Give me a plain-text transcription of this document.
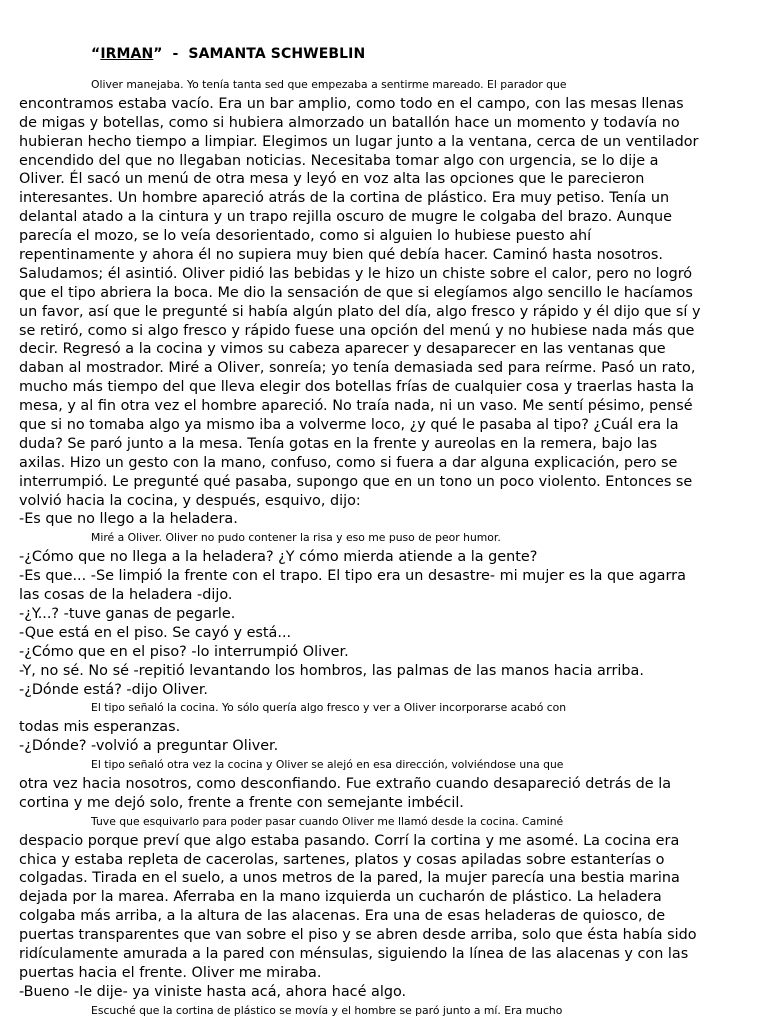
“IRMAN”  -  SAMANTA SCHWEBLIN
Oliver manejaba. Yo tenía tanta sed que empezaba a sentirme mareado. El parador que
encontramos estaba vacío. Era un bar amplio, como todo en el campo, con las mesas llenas
de migas y botellas, como si hubiera almorzado un batallón hace un momento y todavía no
hubieran hecho tiempo a limpiar. Elegimos un lugar junto a la ventana, cerca de un ventilador
encendido del que no llegaban noticias. Necesitaba tomar algo con urgencia, se lo dije a
Oliver. Él sacó un menú de otra mesa y leyó en voz alta las opciones que le parecieron
interesantes. Un hombre apareció atrás de la cortina de plástico. Era muy petiso. Tenía un
delantal atado a la cintura y un trapo rejilla oscuro de mugre le colgaba del brazo. Aunque
parecía el mozo, se lo veía desorientado, como si alguien lo hubiese puesto ahí
repentinamente y ahora él no supiera muy bien qué debía hacer. Caminó hasta nosotros.
Saludamos; él asintió. Oliver pidió las bebidas y le hizo un chiste sobre el calor, pero no logró
que el tipo abriera la boca. Me dio la sensación de que si elegíamos algo sencillo le hacíamos
un favor, así que le pregunté si había algún plato del día, algo fresco y rápido y él dijo que sí y
se retiró, como si algo fresco y rápido fuese una opción del menú y no hubiese nada más que
decir. Regresó a la cocina y vimos su cabeza aparecer y desaparecer en las ventanas que
daban al mostrador. Miré a Oliver, sonreía; yo tenía demasiada sed para reírme. Pasó un rato,
mucho más tiempo del que lleva elegir dos botellas frías de cualquier cosa y traerlas hasta la
mesa, y al fin otra vez el hombre apareció. No traía nada, ni un vaso. Me sentí pésimo, pensé
que si no tomaba algo ya mismo iba a volverme loco, ¿y qué le pasaba al tipo? ¿Cuál era la
duda? Se paró junto a la mesa. Tenía gotas en la frente y aureolas en la remera, bajo las
axilas. Hizo un gesto con la mano, confuso, como si fuera a dar alguna explicación, pero se
interrumpió. Le pregunté qué pasaba, supongo que en un tono un poco violento. Entonces se
volvió hacia la cocina, y después, esquivo, dijo:
-Es que no llego a la heladera.
Miré a Oliver. Oliver no pudo contener la risa y eso me puso de peor humor.
-¿Cómo que no llega a la heladera? ¿Y cómo mierda atiende a la gente?
-Es que... -Se limpió la frente con el trapo. El tipo era un desastre- mi mujer es la que agarra
las cosas de la heladera -dijo.
-¿Y...? -tuve ganas de pegarle.
-Que está en el piso. Se cayó y está...
-¿Cómo que en el piso? -lo interrumpió Oliver.
-Y, no sé. No sé -repitió levantando los hombros, las palmas de las manos hacia arriba.
-¿Dónde está? -dijo Oliver.
El tipo señaló la cocina. Yo sólo quería algo fresco y ver a Oliver incorporarse acabó con
todas mis esperanzas.
-¿Dónde? -volvió a preguntar Oliver.
El tipo señaló otra vez la cocina y Oliver se alejó en esa dirección, volviéndose una que
otra vez hacia nosotros, como desconfiando. Fue extraño cuando desapareció detrás de la
cortina y me dejó solo, frente a frente con semejante imbécil.
Tuve que esquivarlo para poder pasar cuando Oliver me llamó desde la cocina. Caminé
despacio porque preví que algo estaba pasando. Corrí la cortina y me asomé. La cocina era
chica y estaba repleta de cacerolas, sartenes, platos y cosas apiladas sobre estanterías o
colgadas. Tirada en el suelo, a unos metros de la pared, la mujer parecía una bestia marina
dejada por la marea. Aferraba en la mano izquierda un cucharón de plástico. La heladera
colgaba más arriba, a la altura de las alacenas. Era una de esas heladeras de quiosco, de
puertas transparentes que van sobre el piso y se abren desde arriba, solo que ésta había sido
ridículamente amurada a la pared con ménsulas, siguiendo la línea de las alacenas y con las
puertas hacia el frente. Oliver me miraba.
-Bueno -le dije- ya viniste hasta acá, ahora hacé algo.
Escuché que la cortina de plástico se movía y el hombre se paró junto a mí. Era mucho
